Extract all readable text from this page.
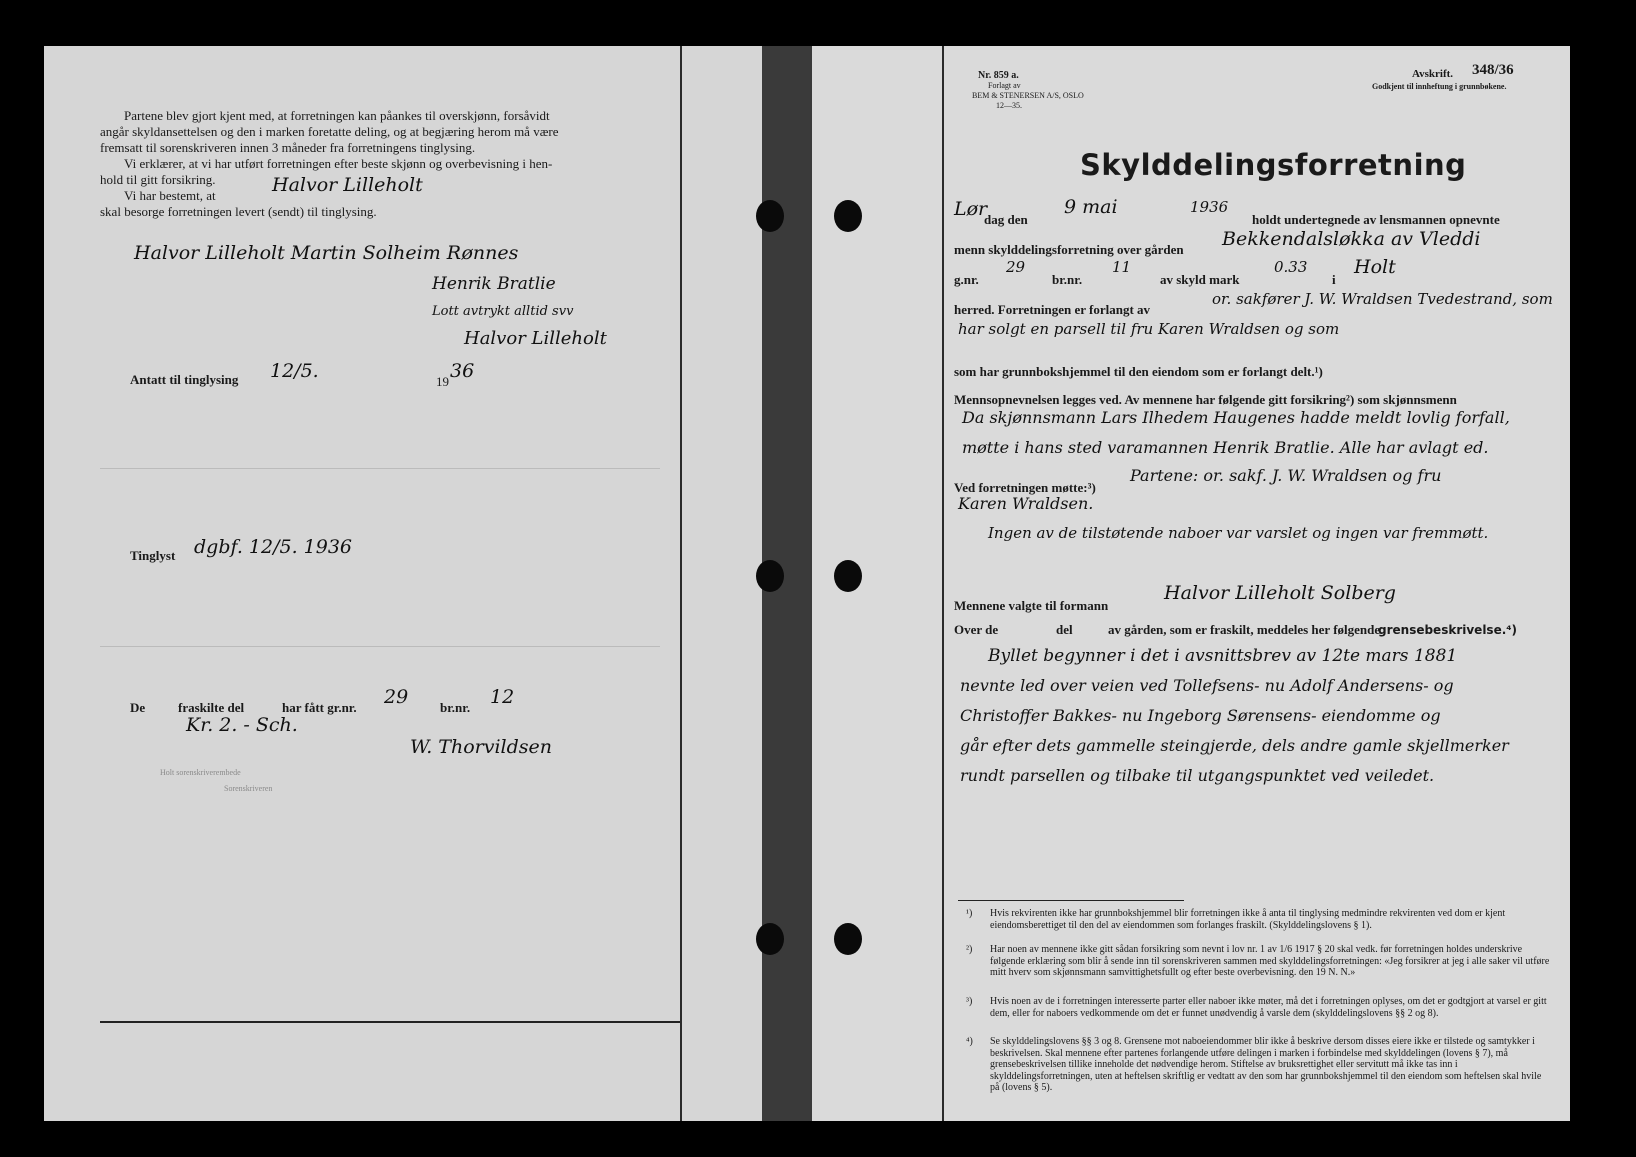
Partene blev gjort kjent med, at forretningen kan påankes til overskjønn, forsåvidt
angår skyldansettelsen og den i marken foretatte deling, og at begjæring herom må være
fremsatt til sorenskriveren innen 3 måneder fra forretningens tinglysing.
Vi erklærer, at vi har utført forretningen efter beste skjønn og overbevisning i hen-
hold til gitt forsikring.
Vi har bestemt, at	Halvor Lilleholt
skal besorge forretningen levert (sendt) til tinglysing.
Halvor Lilleholt Martin Solheim Rønnes
Henrik Bratlie
Lott avtrykt alltid svv
Halvor Lilleholt
Antatt til tinglysing 12/5.	19 36
Tinglyst dgbf. 12/5. 1936
De	fraskilte del	har fått gr.nr. 29 br.nr. 12
Kr. 2. - Sch.
W. Thorvildsen
Holt sorenskriverembede
Sorenskriveren
Nr. 859 a.
Forlagt av
BEM & STENERSEN A/S, OSLO
12—35.
Avskrift. 348/36
Godkjent til innheftung i grunnbøkene.
Skylddelingsforretning
Lør
dag den
9 mai	1936
holdt undertegnede av lensmannen opnevnte
menn skylddelingsforretning over gården Bekkendalsløkka av Vleddi
g.nr.
29
br.nr.
11
av skyld mark
0.33
i
Holt
herred. Forretningen er forlangt av
or. sakfører J. W. Wraldsen Tvedestrand, som
har solgt en parsell til fru Karen Wraldsen og som
som har grunnbokshjemmel til den eiendom som er forlangt delt.¹)
Mennsopnevnelsen legges ved. Av mennene har følgende gitt forsikring²) som skjønnsmenn
Da skjønnsmann Lars Ilhedem Haugenes hadde meldt lovlig forfall,
møtte i hans sted varamannen Henrik Bratlie. Alle har avlagt ed.
Ved forretningen møtte:³)
Partene: or. sakf. J. W. Wraldsen og fru
Karen Wraldsen.
Ingen av de tilstøtende naboer var varslet og ingen var fremmøtt.
Mennene valgte til formann
Halvor Lilleholt Solberg
Over de	del	av gården, som er fraskilt, meddeles her følgende
grensebeskrivelse.⁴)
Byllet begynner i det i avsnittsbrev av 12te mars 1881
nevnte led over veien ved Tollefsens- nu Adolf Andersens- og
Christoffer Bakkes- nu Ingeborg Sørensens- eiendomme og
går efter dets gammelle steingjerde, dels andre gamle skjellmerker
rundt parsellen og tilbake til utgangspunktet ved veiledet.
¹) Hvis rekvirenten ikke har grunnbokshjemmel blir forretningen ikke å anta til tinglysing medmindre rekvirenten ved dom er kjent eiendomsberettiget til den del av eiendommen som forlanges fraskilt. (Skylddelingslovens § 1).
²) Har noen av mennene ikke gitt sådan forsikring som nevnt i lov nr. 1 av 1/6 1917 § 20 skal vedk. før forretningen holdes underskrive følgende erklæring som blir å sende inn til sorenskriveren sammen med skylddelingsforretningen: «Jeg forsikrer at jeg i alle saker vil utføre mitt hverv som skjønnsmann samvittighetsfullt og efter beste overbevisning. den 19 N. N.»
³) Hvis noen av de i forretningen interesserte parter eller naboer ikke møter, må det i forretningen oplyses, om det er godtgjort at varsel er gitt dem, eller for naboers vedkommende om det er funnet unødvendig å varsle dem (skylddelingslovens §§ 2 og 8).
⁴) Se skylddelingslovens §§ 3 og 8. Grensene mot naboeiendommer blir ikke å beskrive dersom disses eiere ikke er tilstede og samtykker i beskrivelsen. Skal mennene efter partenes forlangende utføre delingen i marken i forbindelse med skylddelingen (lovens § 7), må grensebeskrivelsen tillike inneholde det nødvendige herom. Stiftelse av bruksrettighet eller servitutt må ikke tas inn i skylddelingsforretningen, uten at heftelsen skriftlig er vedtatt av den som har grunnbokshjemmel til den eiendom som heftelsen skal hvile på (lovens § 5).
